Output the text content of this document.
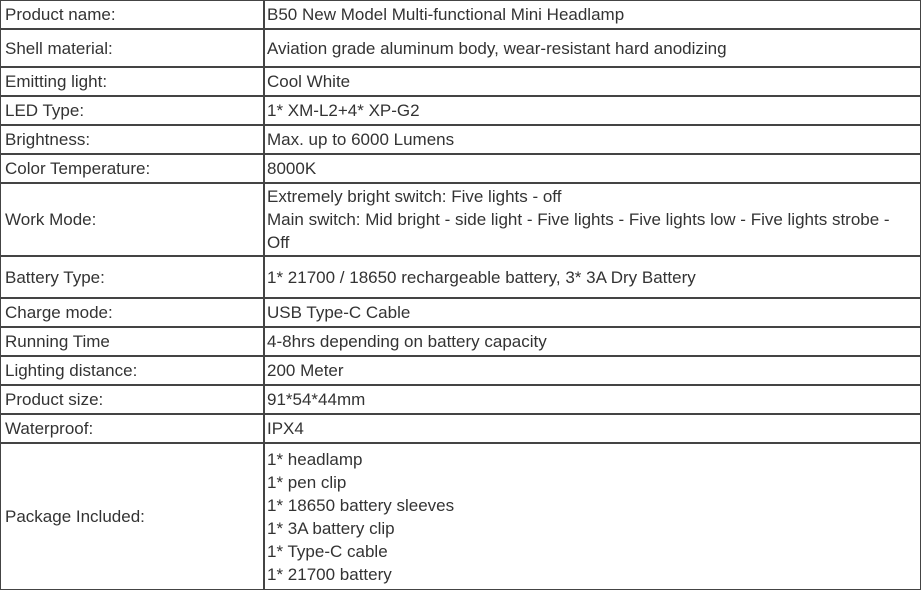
Product name:	B50 New Model Multi-functional Mini Headlamp

Shell material:	Aviation grade aluminum body, wear-resistant hard anodizing

Emitting light:	Cool White

LED Type:	1* XM-L2+4* XP-G2

Brightness:	Max. up to 6000 Lumens

Color Temperature:	8000K

Work Mode:	Extremely bright switch: Five lights - off
Main switch: Mid bright - side light - Five lights - Five lights low - Five lights strobe - Off

Battery Type:	1* 21700 / 18650 rechargeable battery, 3* 3A Dry Battery

Charge mode:	USB Type-C Cable

Running Time	4-8hrs depending on battery capacity

Lighting distance:	200 Meter

Product size:	91*54*44mm

Waterproof:	IPX4

Package Included:	
1* headlamp
1* pen clip
1* 18650 battery sleeves
1* 3A battery clip
1* Type-C cable
1* 21700 battery
